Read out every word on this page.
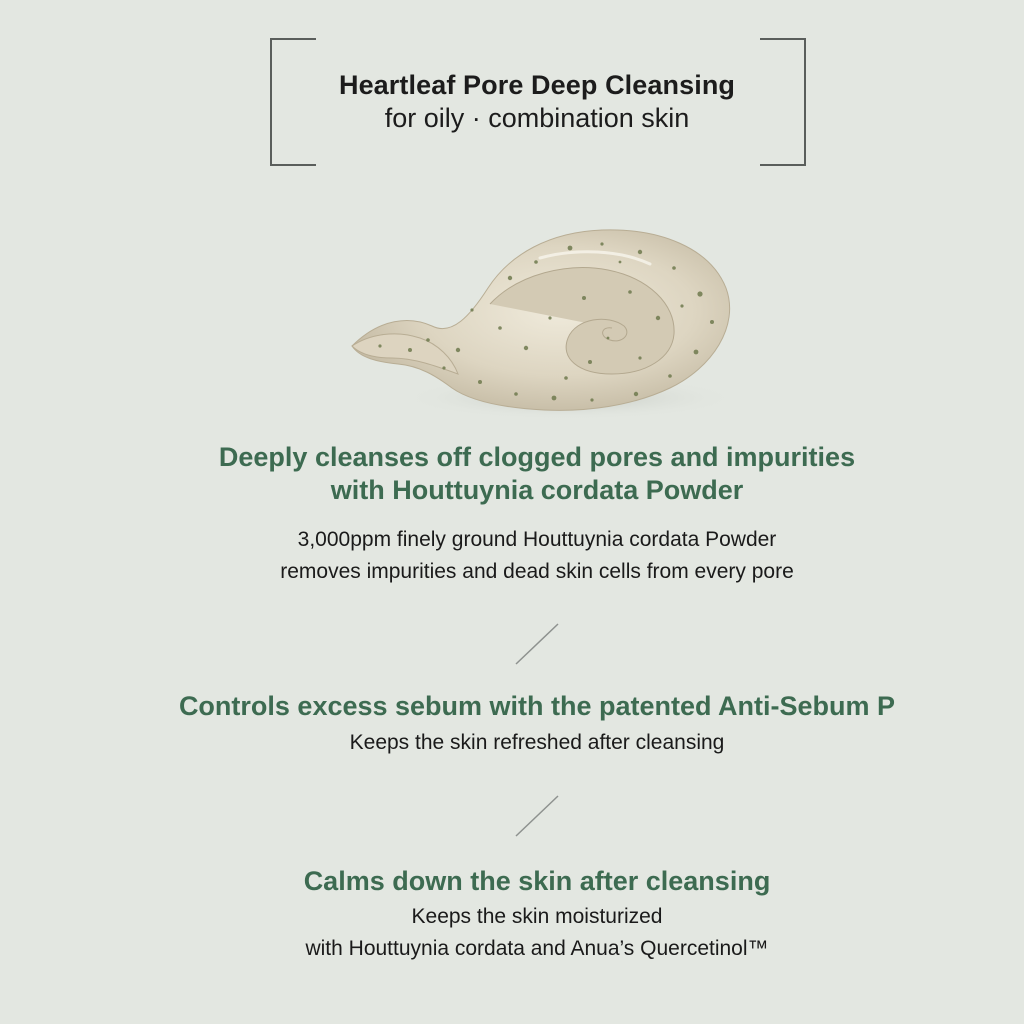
Heartleaf Pore Deep Cleansing
for oily · combination skin
Deeply cleanses off clogged pores and impurities
with Houttuynia cordata Powder
3,000ppm finely ground Houttuynia cordata Powder
removes impurities and dead skin cells from every pore
Controls excess sebum with the patented Anti-Sebum P
Keeps the skin refreshed after cleansing
Calms down the skin after cleansing
Keeps the skin moisturized
with Houttuynia cordata and Anua’s Quercetinol™
